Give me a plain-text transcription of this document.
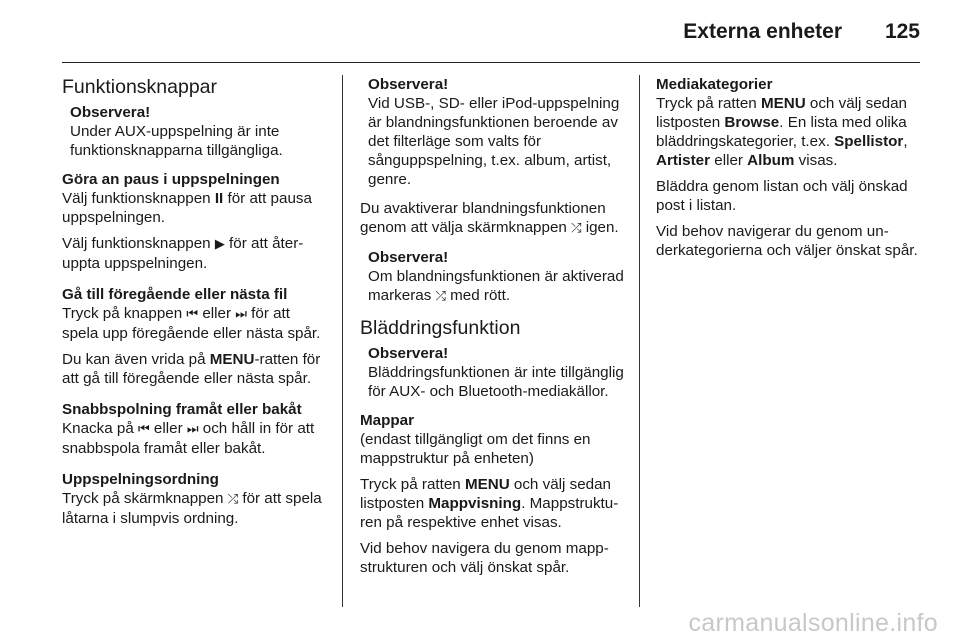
Externa enheter 125
Funktionsknappar
Observera!
Under AUX-uppspelning är inte funktionsknapparna tillgängliga.
Göra an paus i uppspelningen

Välj funktionsknappen II för att pausa uppspelningen.

Välj funktionsknappen ▶ för att återuppta uppspelningen.

Gå till föregående eller nästa fil

Tryck på knappen ⏮ eller ⏭ för att spela upp föregående eller nästa spår.

Du kan även vrida på MENU-ratten för att gå till föregående eller nästa spår.

Snabbspolning framåt eller bakåt

Knacka på ⏮ eller ⏭ och håll in för att snabbspola framåt eller bakåt.

Uppspelningsordning

Tryck på skärmknappen ⤮ för att spela låtarna i slumpvis ordning.

Observera!
Vid USB-, SD- eller iPod-uppspelning är blandningsfunktionen beroende av det filterläge som valts för sånguppspelning, t.ex. album, artist, genre.

Du avaktiverar blandningsfunktionen genom att välja skärmknappen ⤮ igen.

Observera!
Om blandningsfunktionen är aktiverad markeras ⤮ med rött.
Bläddringsfunktion
Observera!
Bläddringsfunktionen är inte tillgänglig för AUX- och Bluetooth-mediakällor.
Mappar

(endast tillgängligt om det finns en mappstruktur på enheten)

Tryck på ratten MENU och välj sedan listposten Mappvisning. Mappstrukturen på respektive enhet visas.

Vid behov navigera du genom mappstrukturen och välj önskat spår.

Mediakategorier

Tryck på ratten MENU och välj sedan listposten Browse. En lista med olika bläddringskategorier, t.ex. Spellistor, Artister eller Album visas.

Bläddra genom listan och välj önskad post i listan.

Vid behov navigerar du genom underkategorierna och väljer önskat spår.

carmanualsonline.info
